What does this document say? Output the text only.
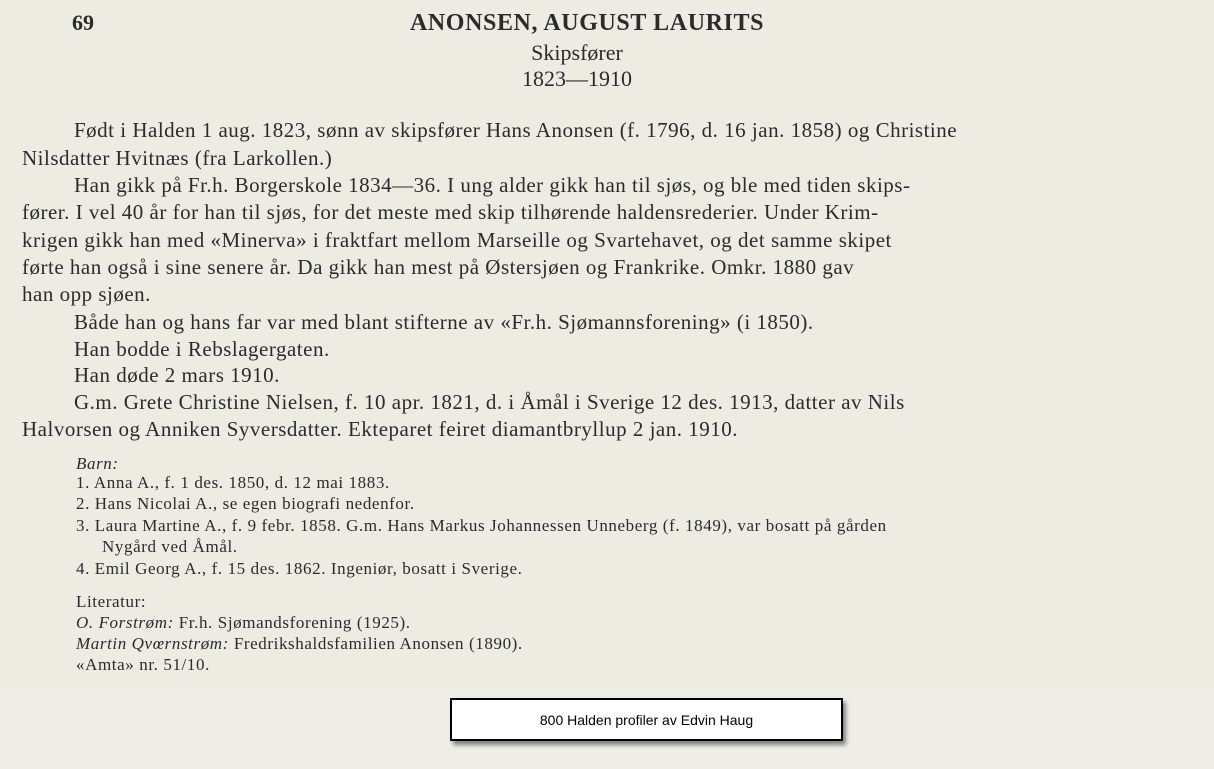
69	ANONSEN, AUGUST LAURITS
Skipsfører
1823—1910
Født i Halden 1 aug. 1823, sønn av skipsfører Hans Anonsen (f. 1796, d. 16 jan. 1858) og Christine
Nilsdatter Hvitnæs (fra Larkollen.)
Han gikk på Fr.h. Borgerskole 1834—36. I ung alder gikk han til sjøs, og ble med tiden skips-
fører. I vel 40 år for han til sjøs, for det meste med skip tilhørende haldensrederier. Under Krim-
krigen gikk han med «Minerva» i fraktfart mellom Marseille og Svartehavet, og det samme skipet
førte han også i sine senere år. Da gikk han mest på Østersjøen og Frankrike. Omkr. 1880 gav
han opp sjøen.
Både han og hans far var med blant stifterne av «Fr.h. Sjømannsforening» (i 1850).
Han bodde i Rebslagergaten.
Han døde 2 mars 1910.
G.m. Grete Christine Nielsen, f. 10 apr. 1821, d. i Åmål i Sverige 12 des. 1913, datter av Nils
Halvorsen og Anniken Syversdatter. Ekteparet feiret diamantbryllup 2 jan. 1910.
Barn:
1. Anna A., f. 1 des. 1850, d. 12 mai 1883.
2. Hans Nicolai A., se egen biografi nedenfor.
3. Laura Martine A., f. 9 febr. 1858. G.m. Hans Markus Johannessen Unneberg (f. 1849), var bosatt på gården
Nygård ved Åmål.
4. Emil Georg A., f. 15 des. 1862. Ingeniør, bosatt i Sverige.
Literatur:
O. Forstrøm: Fr.h. Sjømandsforening (1925).
Martin Qvœrnstrøm: Fredrikshaldsfamilien Anonsen (1890).
«Amta» nr. 51/10.
800 Halden profiler av Edvin Haug
